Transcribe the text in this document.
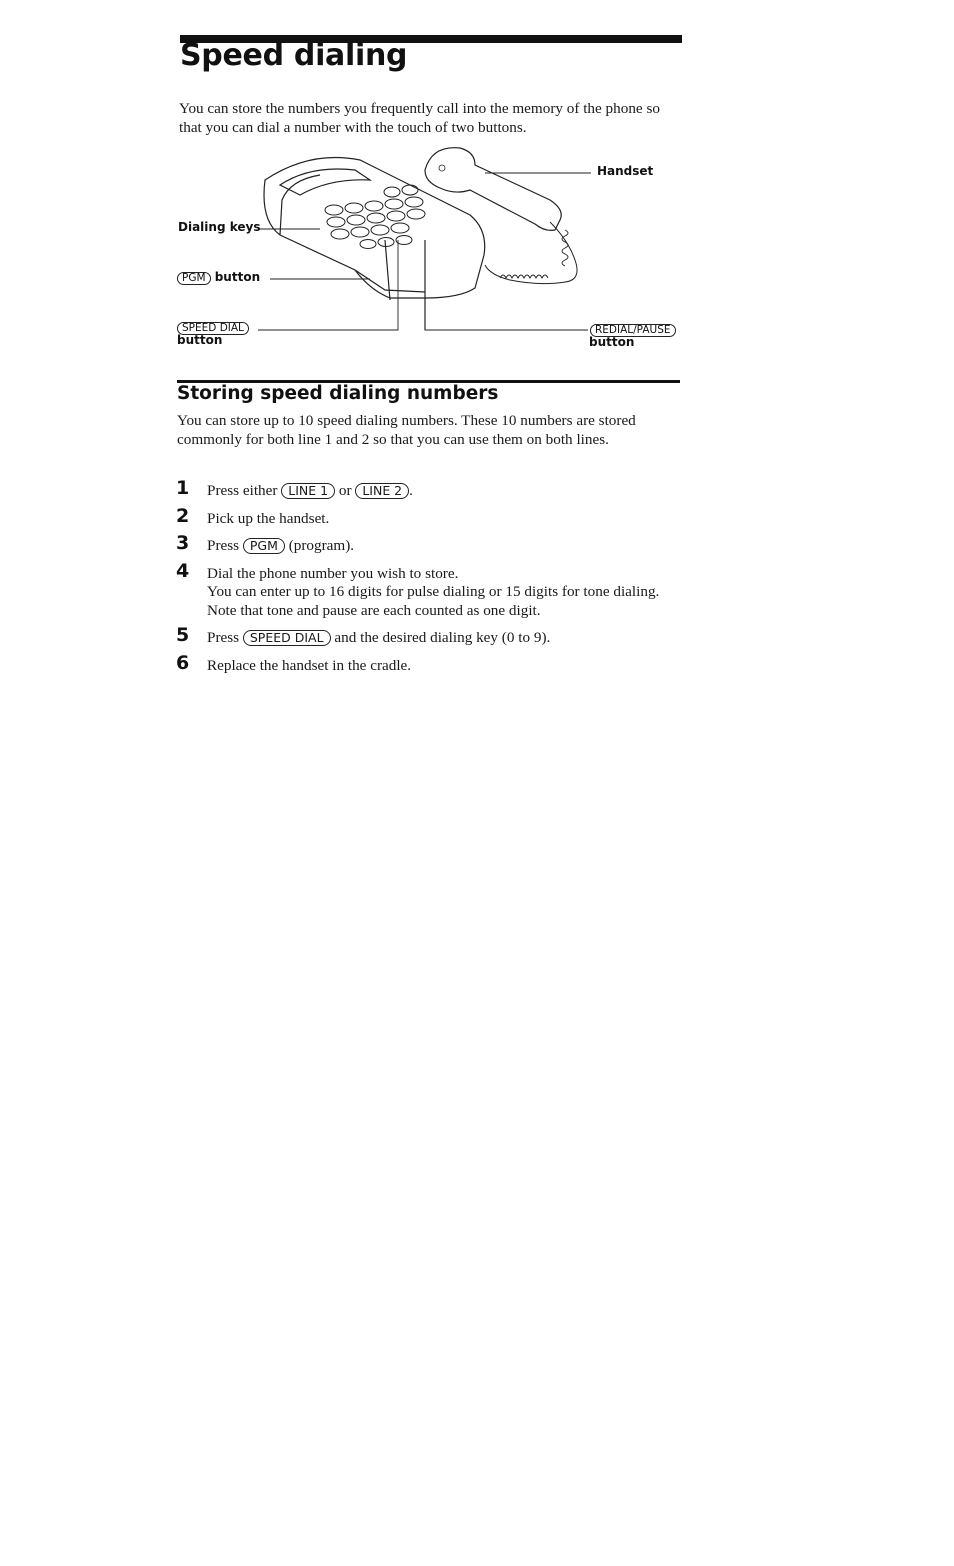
Speed dialing

You can store the numbers you frequently call into the memory of the phone so that you can dial a number with the touch of two buttons.

Handset
Dialing keys
PGM button
SPEED DIAL
button
REDIAL/PAUSE
button
Storing speed dialing numbers

You can store up to 10 speed dialing numbers. These 10 numbers are stored commonly for both line 1 and 2 so that you can use them on both lines.

1 Press either LINE 1 or LINE 2 .
2 Pick up the handset.
3 Press PGM (program).
4 Dial the phone number you wish to store.
You can enter up to 16 digits for pulse dialing or 15 digits for tone dialing. Note that tone and pause are each counted as one digit.
5 Press SPEED DIAL and the desired dialing key (0 to 9).
6 Replace the handset in the cradle.
